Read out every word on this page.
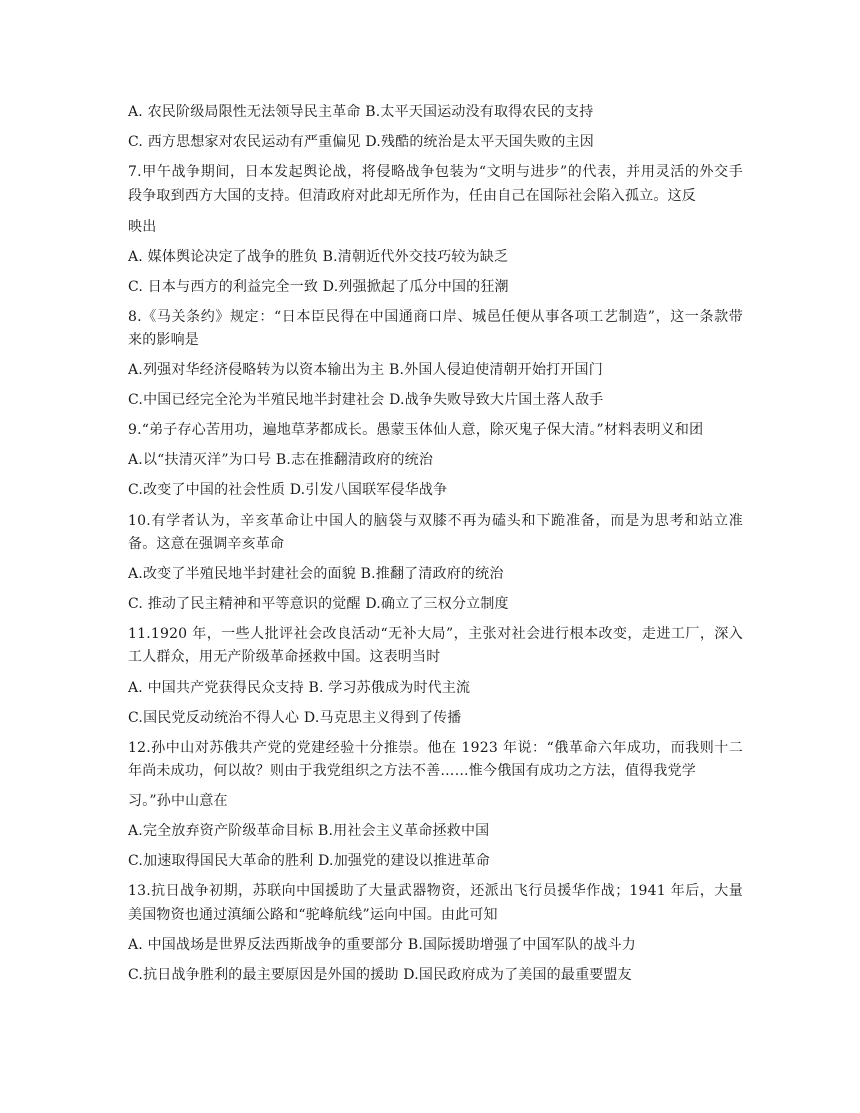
A. 农民阶级局限性无法领导民主革命 B.太平天国运动没有取得农民的支持
C. 西方思想家对农民运动有严重偏见 D.残酷的统治是太平天国失败的主因
7.甲午战争期间，日本发起舆论战，将侵略战争包装为“文明与进步”的代表，并用灵活的外交手
段争取到西方大国的支持。但清政府对此却无所作为，任由自己在国际社会陷入孤立。这反
映出
A. 媒体舆论决定了战争的胜负 B.清朝近代外交技巧较为缺乏
C. 日本与西方的利益完全一致 D.列强掀起了瓜分中国的狂潮
8.《马关条约》规定：“日本臣民得在中国通商口岸、城邑任便从事各项工艺制造”，这一条款带
来的影响是
A.列强对华经济侵略转为以资本输出为主 B.外国人侵迫使清朝开始打开国门
C.中国已经完全沦为半殖民地半封建社会 D.战争失败导致大片国土落人敌手
9.“弟子存心苦用功，遍地草茅都成长。愚蒙玉体仙人意，除灭鬼子保大清。”材料表明义和团
A.以“扶清灭洋”为口号 B.志在推翻清政府的统治
C.改变了中国的社会性质 D.引发八国联军侵华战争
10.有学者认为，辛亥革命让中国人的脑袋与双膝不再为磕头和下跪准备，而是为思考和站立准
备。这意在强调辛亥革命
A.改变了半殖民地半封建社会的面貌 B.推翻了清政府的统治
C. 推动了民主精神和平等意识的觉醒 D.确立了三权分立制度
11.1920 年，一些人批评社会改良活动“无补大局”，主张对社会进行根本改变，走进工厂，深入
工人群众，用无产阶级革命拯救中国。这表明当时
A. 中国共产党获得民众支持 B. 学习苏俄成为时代主流
C.国民党反动统治不得人心 D.马克思主义得到了传播
12.孙中山对苏俄共产党的党建经验十分推崇。他在 1923 年说：“俄革命六年成功，而我则十二
年尚未成功，何以故？则由于我党组织之方法不善……惟今俄国有成功之方法，值得我党学
习。”孙中山意在
A.完全放弃资产阶级革命目标 B.用社会主义革命拯救中国
C.加速取得国民大革命的胜利 D.加强党的建设以推进革命
13.抗日战争初期，苏联向中国援助了大量武器物资，还派出飞行员援华作战；1941 年后，大量
美国物资也通过滇缅公路和“驼峰航线”运向中国。由此可知
A. 中国战场是世界反法西斯战争的重要部分 B.国际援助增强了中国军队的战斗力
C.抗日战争胜利的最主要原因是外国的援助 D.国民政府成为了美国的最重要盟友
